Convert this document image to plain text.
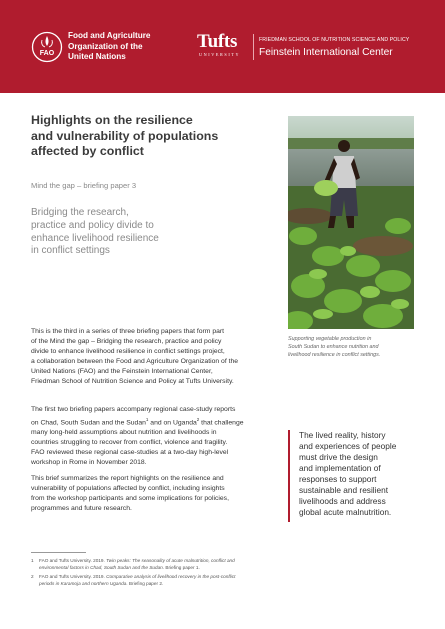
FAO
Food and Agriculture
Organization of the
United Nations
Tufts
UNIVERSITY
FRIEDMAN SCHOOL OF NUTRITION SCIENCE AND POLICY
Feinstein International Center
Highlights on the resilience
and vulnerability of populations
affected by conflict
Mind the gap – briefing paper 3
Bridging the research,
practice and policy divide to
enhance livelihood resilience
in conflict settings
Supporting vegetable production in
South Sudan to enhance nutrition and
livelihood resilience in conflict settings.
This is the third in a series of three briefing papers that form part
of the Mind the gap – Bridging the research, practice and policy
divide to enhance livelihood resilience in conflict settings project,
a collaboration between the Food and Agriculture Organization of the
United Nations (FAO) and the Feinstein International Center,
Friedman School of Nutrition Science and Policy at Tufts University.
The first two briefing papers accompany regional case-study reports
on Chad, South Sudan and the Sudan$^1$ and on Uganda$^2$ that challenge
many long-held assumptions about nutrition and livelihoods in
countries struggling to recover from conflict, violence and fragility.
FAO reviewed these regional case-studies at a two-day high-level
workshop in Rome in November 2018.
This brief summarizes the report highlights on the resilience and
vulnerability of populations affected by conflict, including insights
from the workshop participants and some implications for policies,
programmes and future research.
The lived reality, history
and experiences of people
must drive the design
and implementation of
responses to support
sustainable and resilient
livelihoods and address
global acute malnutrition.
1 FAO and Tufts University. 2019. Twin peaks: The seasonality of acute malnutrition, conflict and
environmental factors in Chad, South Sudan and the Sudan. Briefing paper 1.
2 FAO and Tufts University. 2019. Comparative analysis of livelihood recovery in the post-conflict
periods in Karamoja and northern Uganda. Briefing paper 2.
